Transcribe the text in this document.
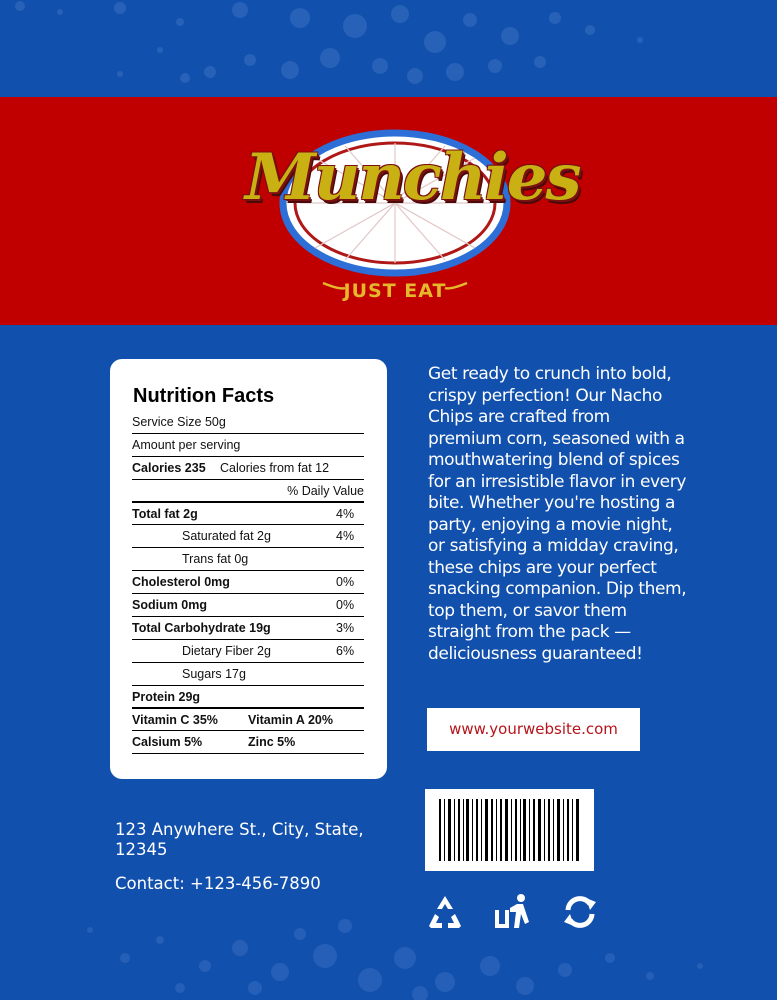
Munchies
JUST EAT
Nutrition Facts
Service Size 50g
Amount per serving
Calories 235 Calories from fat 12
% Daily Value
Total fat 2g	4%
Saturated fat 2g	4%
Trans fat 0g
Cholesterol 0mg	0%
Sodium 0mg	0%
Total Carbohydrate 19g	3%
Dietary Fiber 2g	6%
Sugars 17g
Protein 29g
Vitamin C 35% Vitamin A 20%
Calsium 5%	Zinc 5%
Get ready to crunch into bold, crispy perfection! Our Nacho Chips are crafted from premium corn, seasoned with a mouthwatering blend of spices for an irresistible flavor in every bite. Whether you're hosting a party, enjoying a movie night, or satisfying a midday craving, these chips are your perfect snacking companion. Dip them, top them, or savor them straight from the pack — deliciousness guaranteed!
www.yourwebsite.com
123 Anywhere St., City, State, 12345
Contact: +123-456-7890
